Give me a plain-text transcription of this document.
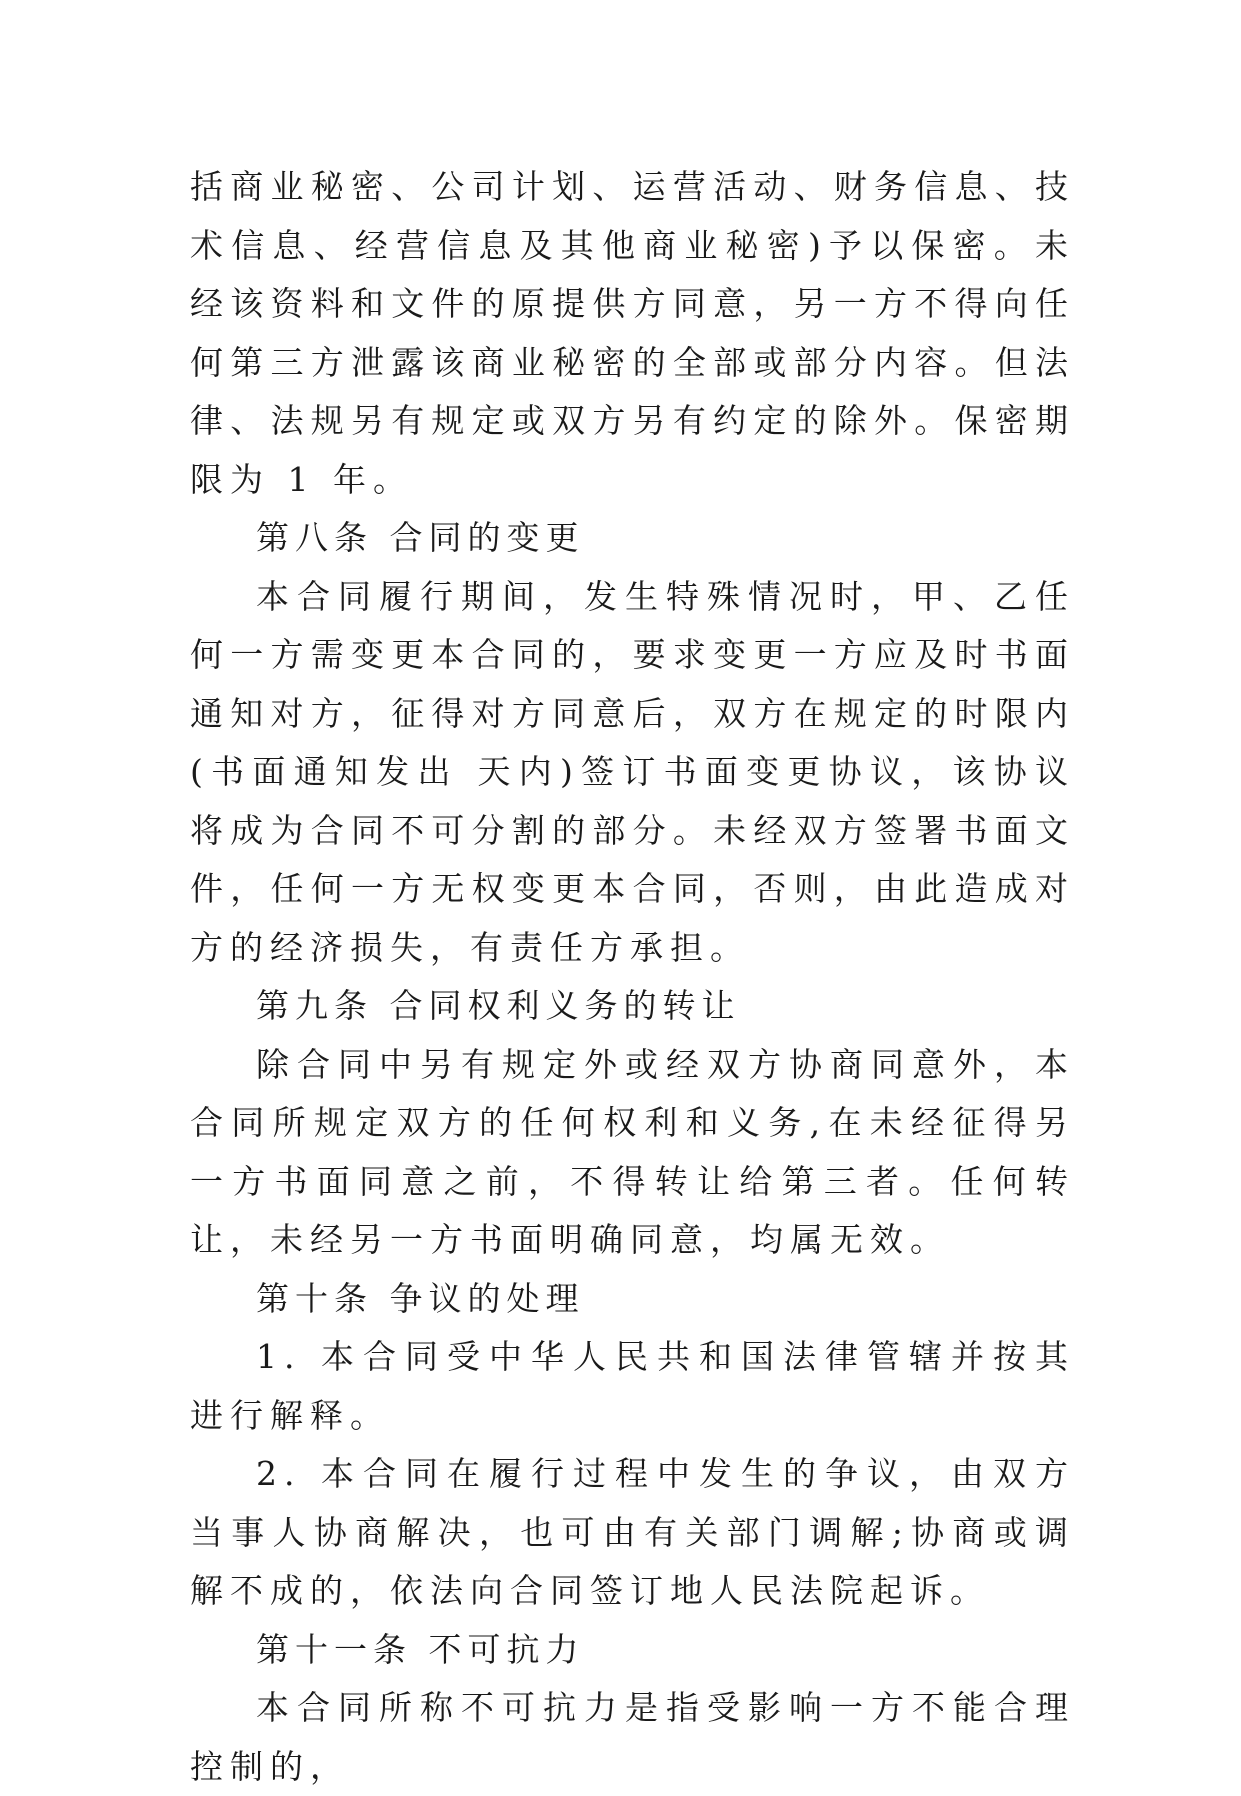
括商业秘密、公司计划、运营活动、财务信息、技术信息、经营信息及其他商业秘密)予以保密。未经该资料和文件的原提供方同意，另一方不得向任何第三方泄露该商业秘密的全部或部分内容。但法律、法规另有规定或双方另有约定的除外。保密期限为 1 年。

第八条 合同的变更

本合同履行期间，发生特殊情况时，甲、乙任何一方需变更本合同的，要求变更一方应及时书面通知对方，征得对方同意后，双方在规定的时限内(书面通知发出 天内)签订书面变更协议，该协议将成为合同不可分割的部分。未经双方签署书面文件，任何一方无权变更本合同，否则，由此造成对方的经济损失，有责任方承担。

第九条 合同权利义务的转让

除合同中另有规定外或经双方协商同意外，本合同所规定双方的任何权利和义务,在未经征得另一方书面同意之前，不得转让给第三者。任何转让，未经另一方书面明确同意，均属无效。

第十条 争议的处理

1. 本合同受中华人民共和国法律管辖并按其进行解释。

2. 本合同在履行过程中发生的争议，由双方当事人协商解决，也可由有关部门调解;协商或调解不成的，依法向合同签订地人民法院起诉。

第十一条 不可抗力

本合同所称不可抗力是指受影响一方不能合理控制的，
